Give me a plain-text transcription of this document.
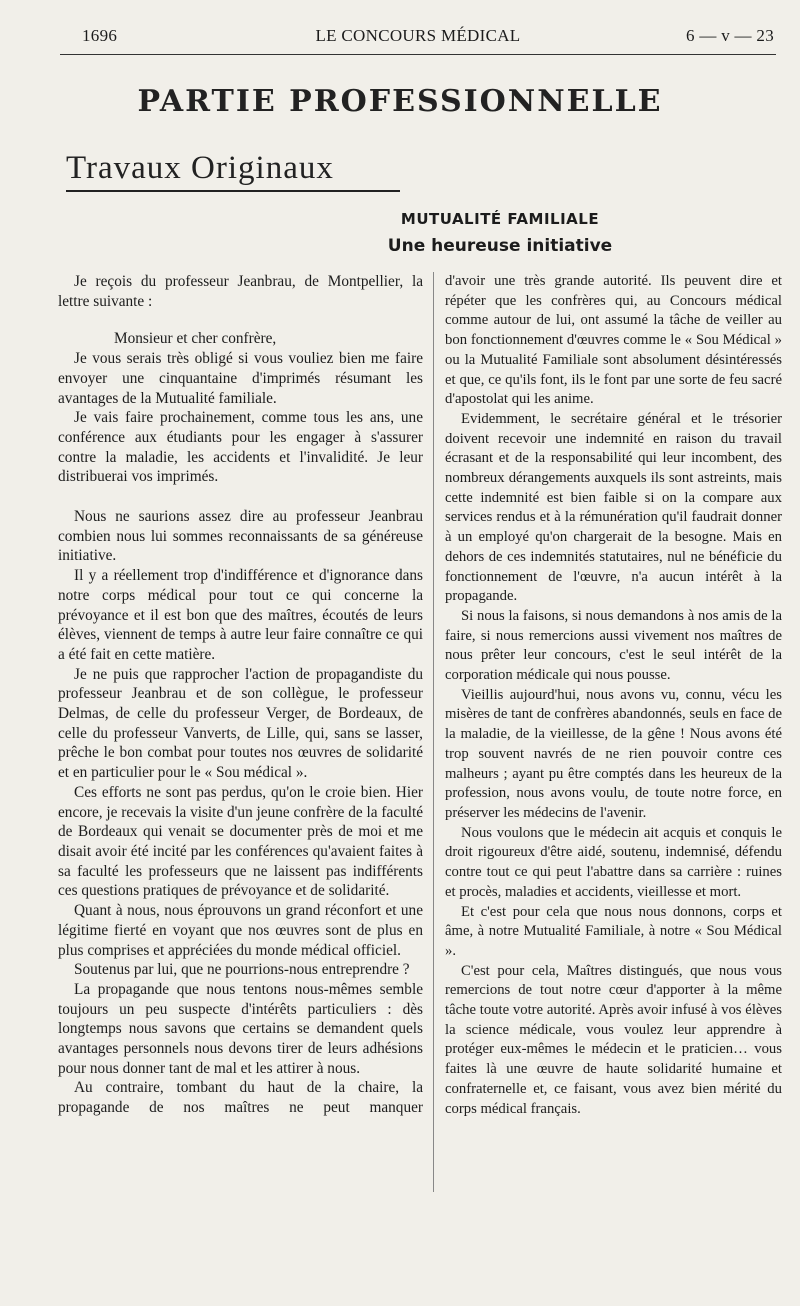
1696	LE CONCOURS MÉDICAL	6 — v — 23
PARTIE PROFESSIONNELLE
Travaux Originaux
MUTUALITÉ FAMILIALE
Une heureuse initiative

Je reçois du professeur Jeanbrau, de Montpellier, la lettre suivante :

Monsieur et cher confrère,

Je vous serais très obligé si vous vouliez bien me faire envoyer une cinquantaine d'imprimés résumant les avantages de la Mutualité familiale.

Je vais faire prochainement, comme tous les ans, une conférence aux étudiants pour les engager à s'assurer contre la maladie, les accidents et l'invalidité. Je leur distribuerai vos imprimés.

Nous ne saurions assez dire au professeur Jeanbrau combien nous lui sommes reconnaissants de sa généreuse initiative.

Il y a réellement trop d'indifférence et d'ignorance dans notre corps médical pour tout ce qui concerne la prévoyance et il est bon que des maîtres, écoutés de leurs élèves, viennent de temps à autre leur faire connaître ce qui a été fait en cette matière.

Je ne puis que rapprocher l'action de propagandiste du professeur Jeanbrau et de son collègue, le professeur Delmas, de celle du professeur Verger, de Bordeaux, de celle du professeur Vanverts, de Lille, qui, sans se lasser, prêche le bon combat pour toutes nos œuvres de solidarité et en particulier pour le « Sou médical ».

Ces efforts ne sont pas perdus, qu'on le croie bien. Hier encore, je recevais la visite d'un jeune confrère de la faculté de Bordeaux qui venait se documenter près de moi et me disait avoir été incité par les conférences qu'avaient faites à sa faculté les professeurs que ne laissent pas indifférents ces questions pratiques de prévoyance et de solidarité.

Quant à nous, nous éprouvons un grand réconfort et une légitime fierté en voyant que nos œuvres sont de plus en plus comprises et appréciées du monde médical officiel.

Soutenus par lui, que ne pourrions-nous entreprendre ?

La propagande que nous tentons nous-mêmes semble toujours un peu suspecte d'intérêts particuliers : dès longtemps nous savons que certains se demandent quels avantages personnels nous devons tirer de leurs adhésions pour nous donner tant de mal et les attirer à nous.

Au contraire, tombant du haut de la chaire, la propagande de nos maîtres ne peut manquer

d'avoir une très grande autorité. Ils peuvent dire et répéter que les confrères qui, au Concours médical comme autour de lui, ont assumé la tâche de veiller au bon fonctionnement d'œuvres comme le « Sou Médical » ou la Mutualité Familiale sont absolument désintéressés et que, ce qu'ils font, ils le font par une sorte de feu sacré d'apostolat qui les anime.

Evidemment, le secrétaire général et le trésorier doivent recevoir une indemnité en raison du travail écrasant et de la responsabilité qui leur incombent, des nombreux dérangements auxquels ils sont astreints, mais cette indemnité est bien faible si on la compare aux services rendus et à la rémunération qu'il faudrait donner à un employé qu'on chargerait de la besogne. Mais en dehors de ces indemnités statutaires, nul ne bénéficie du fonctionnement de l'œuvre, n'a aucun intérêt à la propagande.

Si nous la faisons, si nous demandons à nos amis de la faire, si nous remercions aussi vivement nos maîtres de nous prêter leur concours, c'est le seul intérêt de la corporation médicale qui nous pousse.

Vieillis aujourd'hui, nous avons vu, connu, vécu les misères de tant de confrères abandonnés, seuls en face de la maladie, de la vieillesse, de la gêne ! Nous avons été trop souvent navrés de ne rien pouvoir contre ces malheurs ; ayant pu être comptés dans les heureux de la profession, nous avons voulu, de toute notre force, en préserver les médecins de l'avenir.

Nous voulons que le médecin ait acquis et conquis le droit rigoureux d'être aidé, soutenu, indemnisé, défendu contre tout ce qui peut l'abattre dans sa carrière : ruines et procès, maladies et accidents, vieillesse et mort.

Et c'est pour cela que nous nous donnons, corps et âme, à notre Mutualité Familiale, à notre « Sou Médical ».

C'est pour cela, Maîtres distingués, que nous vous remercions de tout notre cœur d'apporter à la même tâche toute votre autorité. Après avoir infusé à vos élèves la science médicale, vous voulez leur apprendre à protéger eux-mêmes le médecin et le praticien… vous faites là une œuvre de haute solidarité humaine et confraternelle et, ce faisant, vous avez bien mérité du corps médical français.
